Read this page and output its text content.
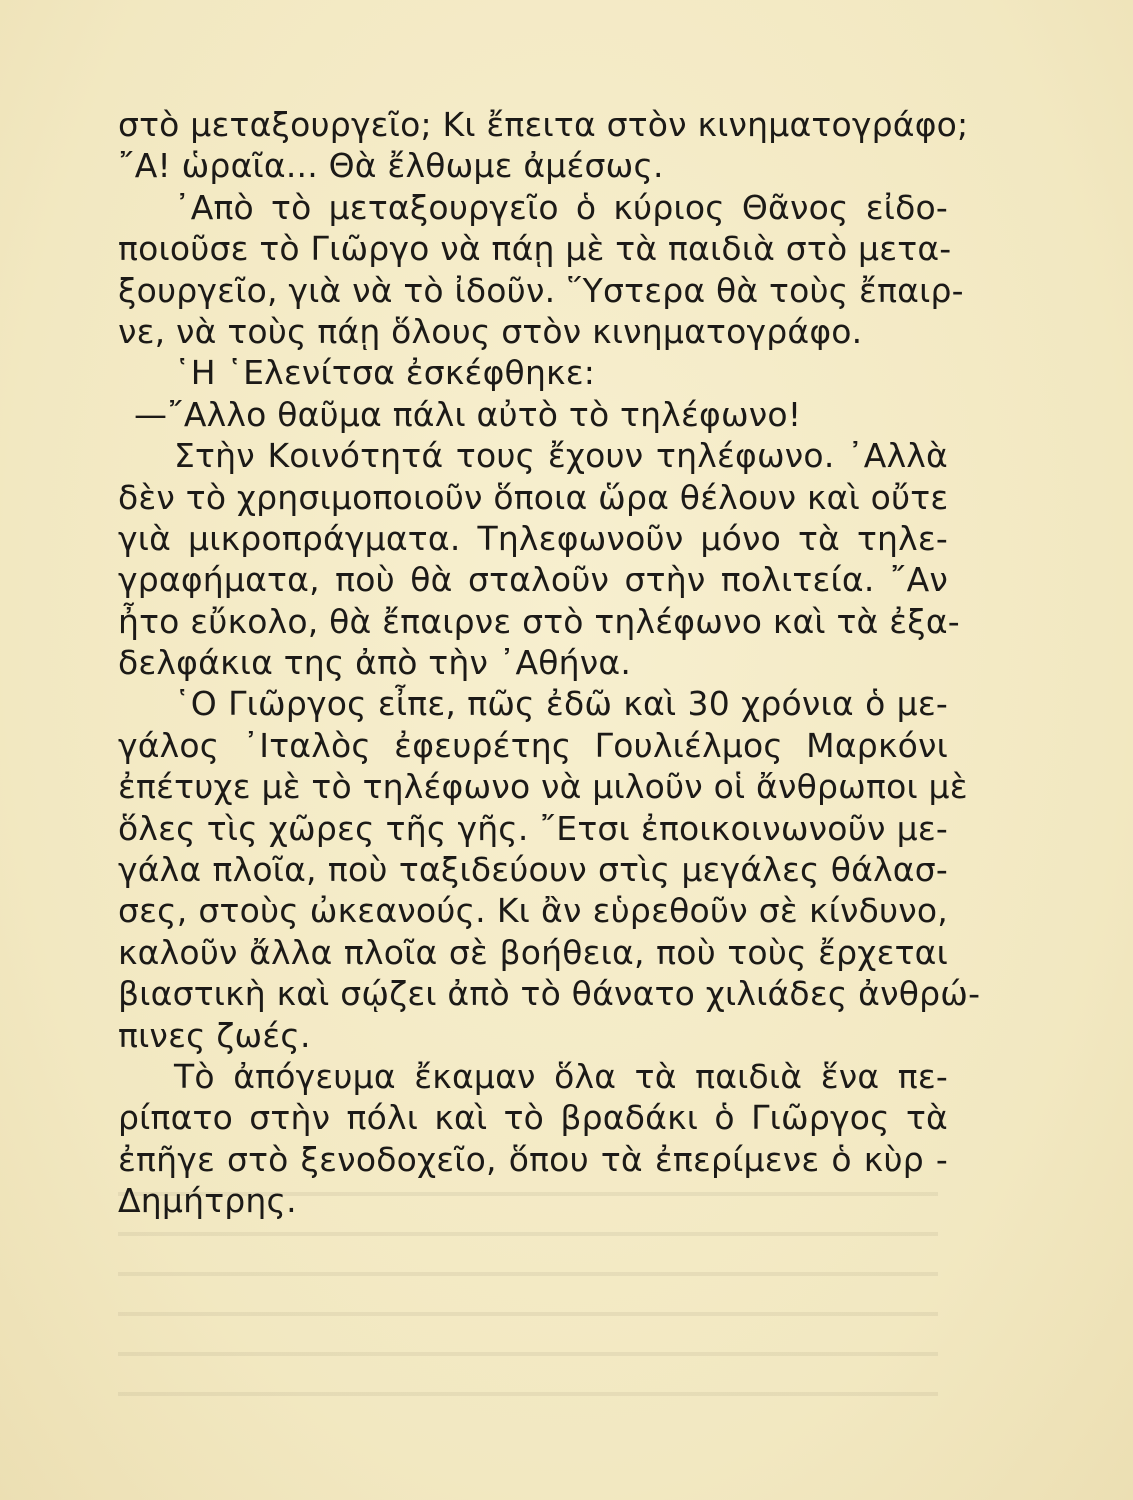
στὸ μεταξουργεῖο; Κι ἔπειτα στὸν κινηματογράφο;
῎Α! ὡραῖα... Θὰ ἔλθωμε ἀμέσως.
᾿Απὸ τὸ μεταξουργεῖο ὁ κύριος Θᾶνος εἰδο-
ποιοῦσε τὸ Γιῶργο νὰ πάῃ μὲ τὰ παιδιὰ στὸ μετα-
ξουργεῖο, γιὰ νὰ τὸ ἰδοῦν. ῞Υστερα θὰ τοὺς ἔπαιρ-
νε, νὰ τοὺς πάῃ ὅλους στὸν κινηματογράφο.
῾Η ῾Ελενίτσα ἐσκέφθηκε:
—῎Αλλο θαῦμα πάλι αὐτὸ τὸ τηλέφωνο!
Στὴν Κοινότητά τους ἔχουν τηλέφωνο. ᾿Αλλὰ
δὲν τὸ χρησιμοποιοῦν ὅποια ὥρα θέλουν καὶ οὔτε
γιὰ μικροπράγματα. Τηλεφωνοῦν μόνο τὰ τηλε-
γραφήματα, ποὺ θὰ σταλοῦν στὴν πολιτεία. ῎Αν
ἦτο εὔκολο, θὰ ἔπαιρνε στὸ τηλέφωνο καὶ τὰ ἐξα-
δελφάκια της ἀπὸ τὴν ᾿Αθήνα.
῾Ο Γιῶργος εἶπε, πῶς ἐδῶ καὶ 30 χρόνια ὁ με-
γάλος ᾿Ιταλὸς ἐφευρέτης Γουλιέλμος Μαρκόνι
ἐπέτυχε μὲ τὸ τηλέφωνο νὰ μιλοῦν οἱ ἄνθρωποι μὲ
ὅλες τὶς χῶρες τῆς γῆς. ῎Ετσι ἐποικοινωνοῦν με-
γάλα πλοῖα, ποὺ ταξιδεύουν στὶς μεγάλες θάλασ-
σες, στοὺς ὠκεανούς. Κι ἂν εὑρεθοῦν σὲ κίνδυνο,
καλοῦν ἄλλα πλοῖα σὲ βοήθεια, ποὺ τοὺς ἔρχεται
βιαστικὴ καὶ σῴζει ἀπὸ τὸ θάνατο χιλιάδες ἀνθρώ-
πινες ζωές.
Τὸ ἀπόγευμα ἔκαμαν ὅλα τὰ παιδιὰ ἕνα πε-
ρίπατο στὴν πόλι καὶ τὸ βραδάκι ὁ Γιῶργος τὰ
ἐπῆγε στὸ ξενοδοχεῖο, ὅπου τὰ ἐπερίμενε ὁ κὺρ -
Δημήτρης.
